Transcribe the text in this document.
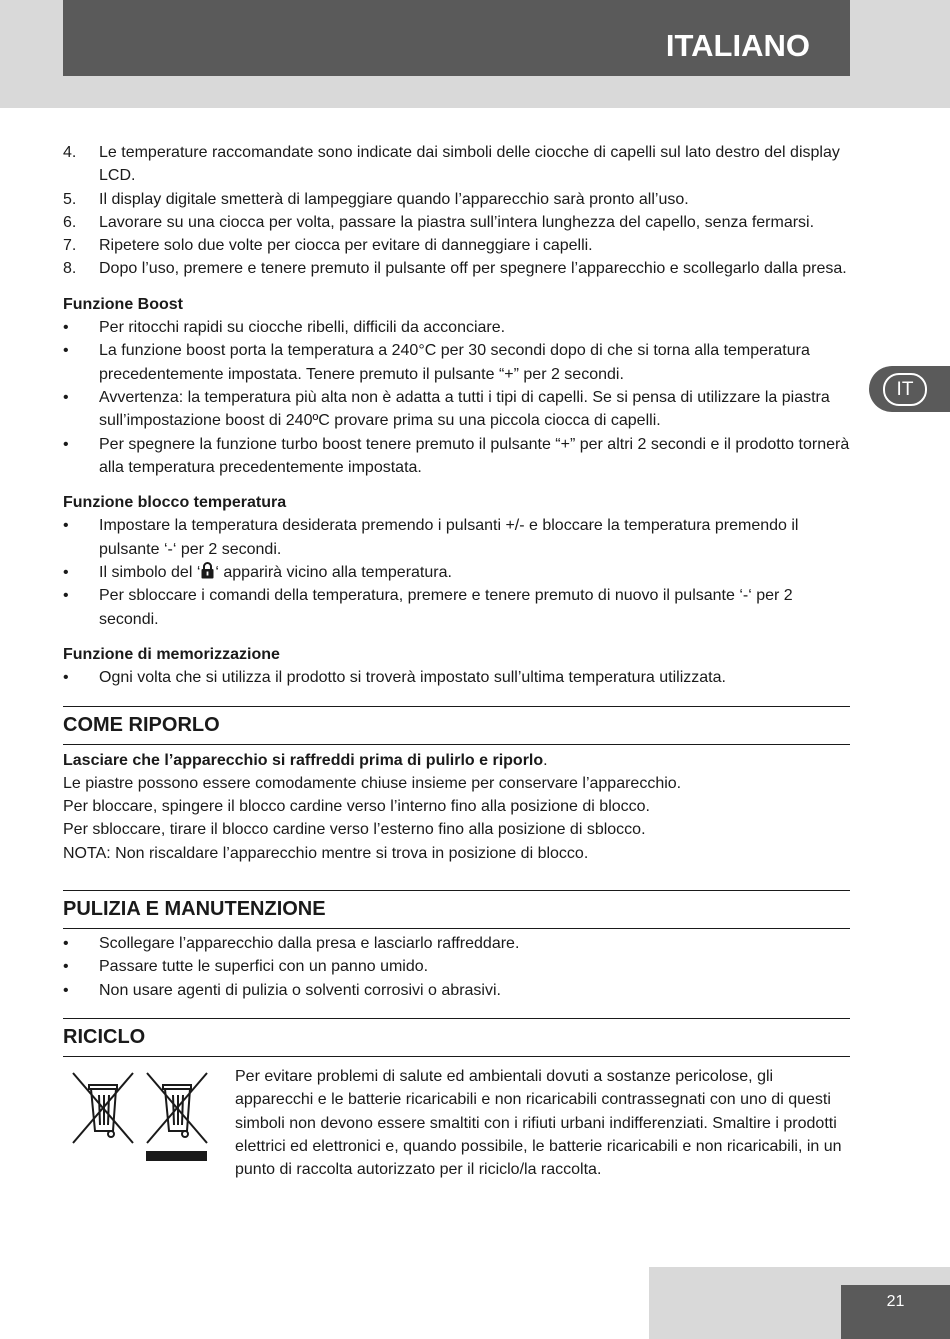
ITALIANO
IT
4. Le temperature raccomandate sono indicate dai simboli delle ciocche di capelli sul lato destro del display LCD.
5. Il display digitale smetterà di lampeggiare quando l’apparecchio sarà pronto all’uso.
6. Lavorare su una ciocca per volta, passare la piastra sull’intera lunghezza del capello, senza fermarsi.
7. Ripetere solo due volte per ciocca per evitare di danneggiare i capelli.
8. Dopo l’uso, premere e tenere premuto il pulsante off per spegnere l’apparecchio e scollegarlo dalla presa.
Funzione Boost
• Per ritocchi rapidi su ciocche ribelli, difficili da acconciare.
• La funzione boost porta la temperatura a 240°C per 30 secondi dopo di che si torna alla temperatura precedentemente impostata. Tenere premuto il pulsante “+” per 2 secondi.
• Avvertenza: la temperatura più alta non è adatta a tutti i tipi di capelli. Se si pensa di utilizzare la piastra sull’impostazione boost di 240ºC provare prima su una piccola ciocca di capelli.
• Per spegnere la funzione turbo boost tenere premuto il pulsante “+” per altri 2 secondi e il prodotto tornerà alla temperatura precedentemente impostata.
Funzione blocco temperatura
• Impostare la temperatura desiderata premendo i pulsanti +/- e bloccare la temperatura premendo il pulsante ‘-‘ per 2 secondi.
• Il simbolo del ‘ ‘ apparirà vicino alla temperatura.
• Per sbloccare i comandi della temperatura, premere e tenere premuto di nuovo il pulsante ‘-‘ per 2 secondi.
Funzione di memorizzazione
• Ogni volta che si utilizza il prodotto si troverà impostato sull’ultima temperatura utilizzata.
COME RIPORLO
Lasciare che l’apparecchio si raffreddi prima di pulirlo e riporlo.
Le piastre possono essere comodamente chiuse insieme per conservare l’apparecchio.
Per bloccare, spingere il blocco cardine verso l’interno fino alla posizione di blocco.
Per sbloccare, tirare il blocco cardine verso l’esterno fino alla posizione di sblocco.
NOTA: Non riscaldare l’apparecchio mentre si trova in posizione di blocco.
PULIZIA E MANUTENZIONE
• Scollegare l’apparecchio dalla presa e lasciarlo raffreddare.
• Passare tutte le superfici con un panno umido.
• Non usare agenti di pulizia o solventi corrosivi o abrasivi.
RICICLO
Per evitare problemi di salute ed ambientali dovuti a sostanze pericolose, gli apparecchi e le batterie ricaricabili e non ricaricabili contrassegnati con uno di questi simboli non devono essere smaltiti con i rifiuti urbani indifferenziati. Smaltire i prodotti elettrici ed elettronici e, quando possibile, le batterie ricaricabili e non ricaricabili, in un punto di raccolta autorizzato per il riciclo/la raccolta.
21
